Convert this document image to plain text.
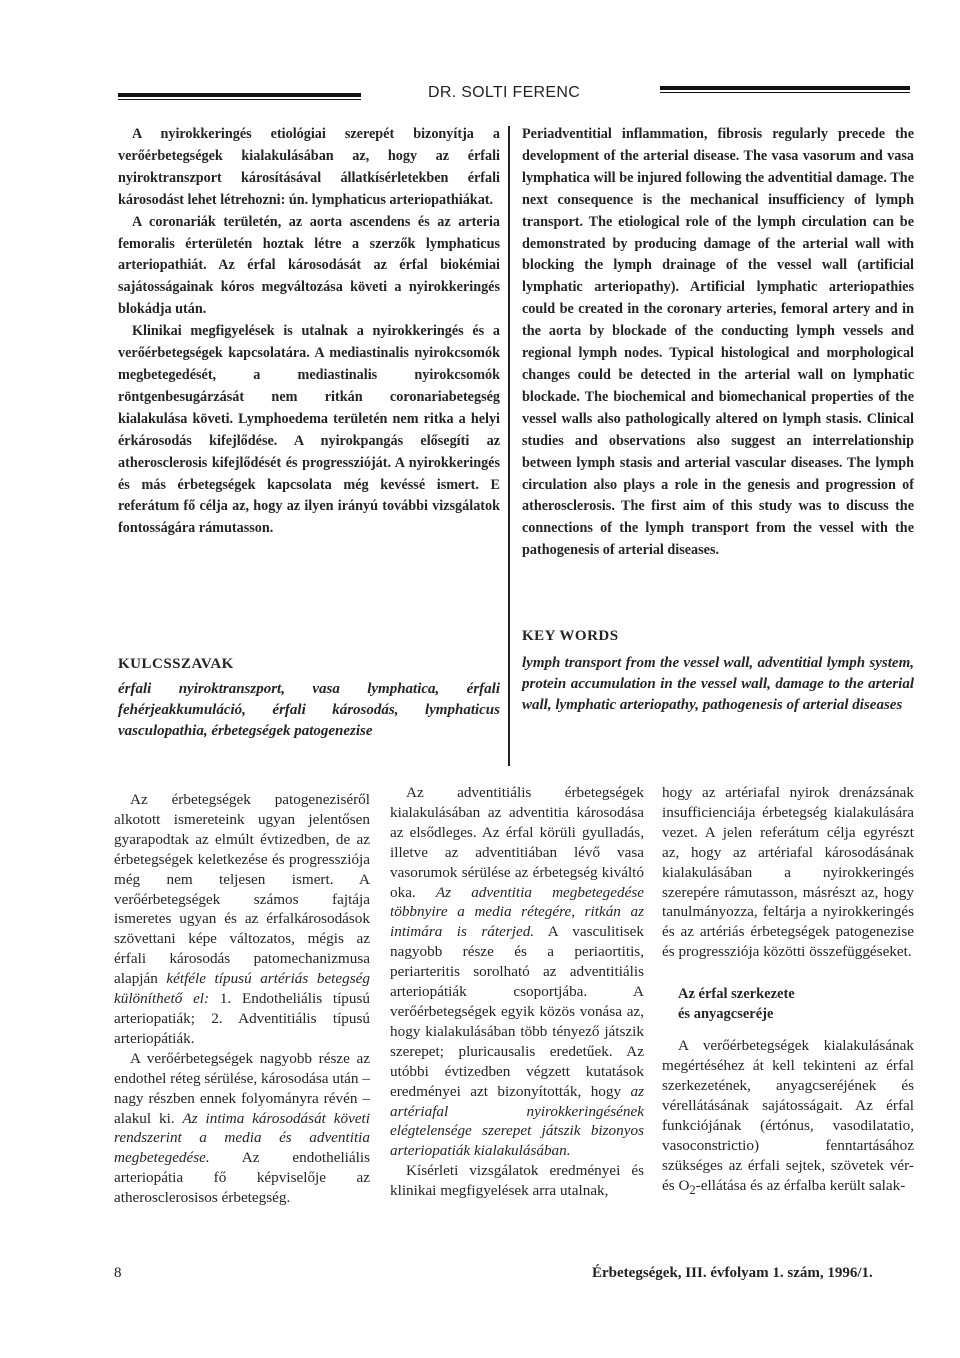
DR. SOLTI FERENC

A nyirokkeringés etiológiai szerepét bizonyítja a verőérbetegségek kialakulásában az, hogy az érfali nyiroktranszport károsításával állatkísérletekben érfali károsodást lehet létrehozni: ún. lymphaticus arteriopathiákat.

A coronariák területén, az aorta ascendens és az arteria femoralis érterületén hoztak létre a szerzők lymphaticus arteriopathiát. Az érfal károsodását az érfal biokémiai sajátosságainak kóros megváltozása követi a nyirokkeringés blokádja után.

Klinikai megfigyelések is utalnak a nyirokkeringés és a verőérbetegségek kapcsolatára. A mediastinalis nyirokcsomók megbetegedését, a mediastinalis nyirokcsomók röntgenbesugárzását nem ritkán coronariabetegség kialakulása követi. Lymphoedema területén nem ritka a helyi érkárosodás kifejlődése. A nyirokpangás elősegíti az atherosclerosis kifejlődését és progresszióját. A nyirokkeringés és más érbetegségek kapcsolata még kevéssé ismert. E referátum fő célja az, hogy az ilyen irányú további vizsgálatok fontosságára rámutasson.

KULCSSZAVAK

érfali nyiroktranszport, vasa lymphatica, érfali fehérjeakkumuláció, érfali károsodás, lymphaticus vasculopathia, érbetegségek patogenezise

Periadventitial inflammation, fibrosis regularly precede the development of the arterial disease. The vasa vasorum and vasa lymphatica will be injured following the adventitial damage. The next consequence is the mechanical insufficiency of lymph transport. The etiological role of the lymph circulation can be demonstrated by producing damage of the arterial wall with blocking the lymph drainage of the vessel wall (artificial lymphatic arteriopathy). Artificial lymphatic arteriopathies could be created in the coronary arteries, femoral artery and in the aorta by blockade of the conducting lymph vessels and regional lymph nodes. Typical histological and morphological changes could be detected in the arterial wall on lymphatic blockade. The biochemical and biomechanical properties of the vessel walls also pathologically altered on lymph stasis. Clinical studies and observations also suggest an interrelationship between lymph stasis and arterial vascular diseases. The lymph circulation also plays a role in the genesis and progression of atherosclerosis. The first aim of this study was to discuss the connections of the lymph transport from the vessel with the pathogenesis of arterial diseases.

KEY WORDS

lymph transport from the vessel wall, adventitial lymph system, protein accumulation in the vessel wall, damage to the arterial wall, lymphatic arteriopathy, pathogenesis of arterial diseases

Az érbetegségek patogeneziséről alkotott ismereteink ugyan jelentősen gyarapodtak az elmúlt évtizedben, de az érbetegségek keletkezése és progressziója még nem teljesen ismert. A verőérbetegségek számos fajtája ismeretes ugyan és az érfalkárosodások szövettani képe változatos, mégis az érfali károsodás patomechanizmusa alapján kétféle típusú artériás betegség különíthető el: 1. Endotheliális típusú arteriopatiák; 2. Adventitiális típusú arteriopátiák.

A verőérbetegségek nagyobb része az endothel réteg sérülése, károsodása után – nagy részben ennek folyományra révén – alakul ki. Az intima károsodását követi rendszerint a media és adventitia megbetegedése. Az endotheliális arteriopátia fő képviselője az atherosclerosisos érbetegség.

Az adventitiális érbetegségek kialakulásában az adventitia károsodása az elsődleges. Az érfal körüli gyulladás, illetve az adventitiában lévő vasa vasorumok sérülése az érbetegség kiváltó oka. Az adventitia megbetegedése többnyire a media rétegére, ritkán az intimára is ráterjed. A vasculitisek nagyobb része és a periaortitis, periarteritis sorolható az adventitiális arteriopátiák csoportjába. A verőérbetegségek egyik közös vonása az, hogy kialakulásában több tényező játszik szerepet; pluricausalis eredetűek. Az utóbbi évtizedben végzett kutatások eredményei azt bizonyították, hogy az artériafal nyirokkeringésének elégtelensége szerepet játszik bizonyos arteriopatiák kialakulásában.

Kísérleti vizsgálatok eredményei és klinikai megfigyelések arra utalnak,

hogy az artériafal nyirok drenázsának insufficienciája érbetegség kialakulására vezet. A jelen referátum célja egyrészt az, hogy az artériafal károsodásának kialakulásában a nyirokkeringés szerepére rámutasson, másrészt az, hogy tanulmányozza, feltárja a nyirokkeringés és az artériás érbetegségek patogenezise és progressziója közötti összefüggéseket.

Az érfal szerkezete

és anyagcseréje

A verőérbetegségek kialakulásának megértéséhez át kell tekinteni az érfal szerkezetének, anyagcseréjének és vérellátásának sajátosságait. Az érfal funkciójának (értónus, vasodilatatio, vasoconstrictio) fenntartásához szükséges az érfali sejtek, szövetek vér- és $O_2$-ellátása és az érfalba került salak-

8	Érbetegségek, III. évfolyam 1. szám, 1996/1.
